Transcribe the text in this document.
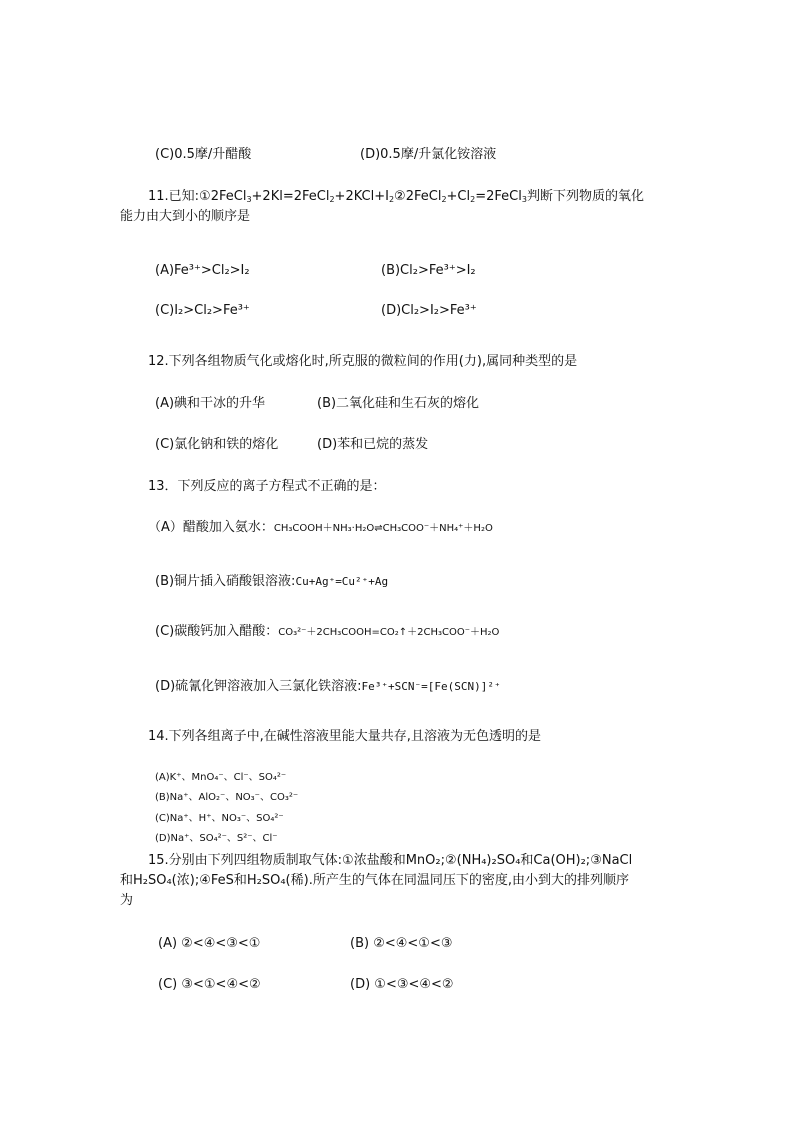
(C)0.5摩/升醋酸	(D)0.5摩/升氯化铵溶液
11.已知$:①2FeCl_3+2Kl=2FeCl_2+2KCl+I_2②2FeCl_2+Cl_2=2FeCl_3$判断下列物质的氧化
能力由大到小的顺序是
(A)Fe³⁺>Cl₂>I₂	(B)Cl₂>Fe³⁺>I₂
(C)I₂>Cl₂>Fe³⁺	(D)Cl₂>I₂>Fe³⁺
12.下列各组物质气化或熔化时,所克服的微粒间的作用(力),属同种类型的是
(A)碘和干冰的升华	(B)二氧化硅和生石灰的熔化
(C)氯化钠和铁的熔化	(D)苯和已烷的蒸发
13．下列反应的离子方程式不正确的是：
（A）醋酸加入氨水：CH₃COOH＋NH₃·H₂O⇌CH₃COO⁻＋NH₄⁺＋H₂O
(B)铜片插入硝酸银溶液:Cu+Ag⁺=Cu²⁺+Ag
(C)碳酸钙加入醋酸：CO₃²⁻＋2CH₃COOH=CO₂↑＋2CH₃COO⁻＋H₂O
(D)硫氰化钾溶液加入三氯化铁溶液:Fe³⁺+SCN⁻=[Fe(SCN)]²⁺
14.下列各组离子中,在碱性溶液里能大量共存,且溶液为无色透明的是
(A)K⁺、MnO₄⁻、Cl⁻、SO₄²⁻
(B)Na⁺、AlO₂⁻、NO₃⁻、CO₃²⁻
(C)Na⁺、H⁺、NO₃⁻、SO₄²⁻
(D)Na⁺、SO₄²⁻、S²⁻、Cl⁻
15.分别由下列四组物质制取气体:①浓盐酸和MnO₂;②(NH₄)₂SO₄和Ca(OH)₂;③NaCl
和H₂SO₄(浓);④FeS和H₂SO₄(稀).所产生的气体在同温同压下的密度,由小到大的排列顺序
为
(A) ②<④<③<①	(B) ②<④<①<③
(C) ③<①<④<②	(D) ①<③<④<②
